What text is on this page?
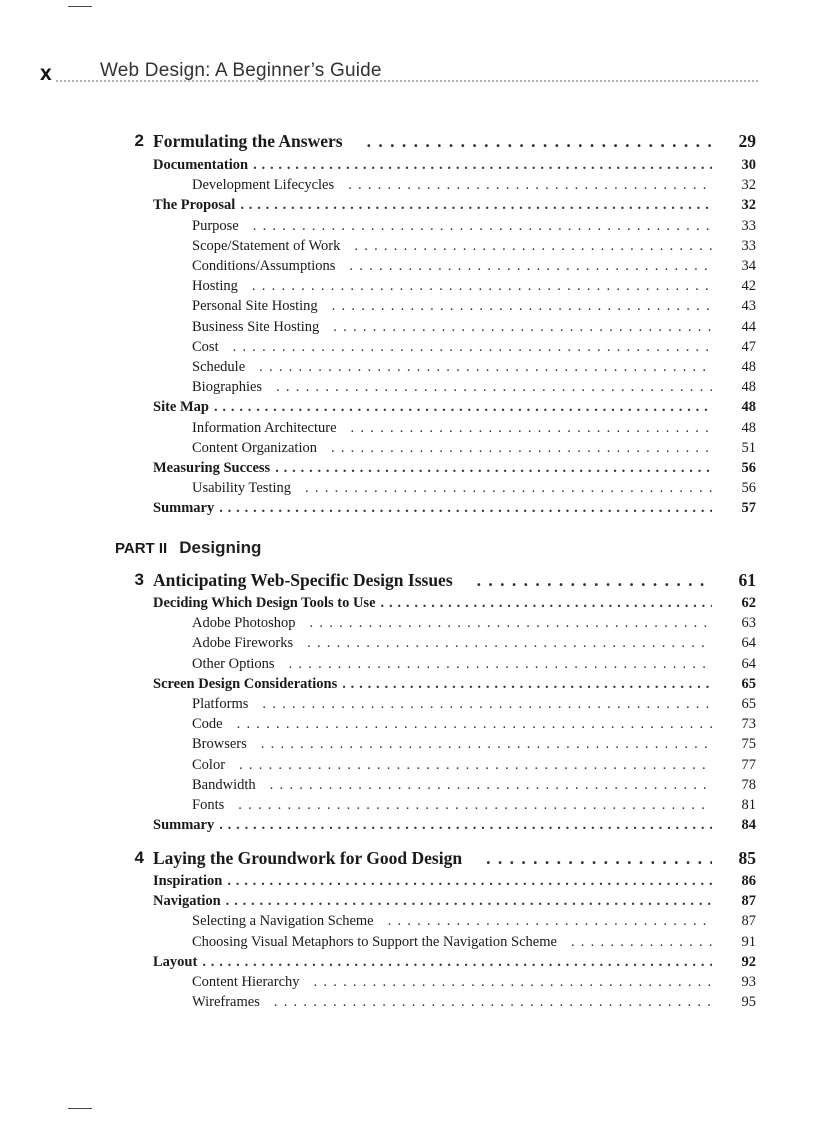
x	Web Design: A Beginner’s Guide
2 Formulating the Answers . . .	29
Documentation . . .	30
Development Lifecycles . . .	32
The Proposal . . .	32
Purpose . . .	33
Scope/Statement of Work . . .	33
Conditions/Assumptions . . .	34
Hosting . . .	42
Personal Site Hosting . . .	43
Business Site Hosting . . .	44
Cost . . .	47
Schedule . . .	48
Biographies . . .	48
Site Map . . .	48
Information Architecture . . .	48
Content Organization . . .	51
Measuring Success . . .	56
Usability Testing . . .	56
Summary . . .	57
PART II Designing
3 Anticipating Web-Specific Design Issues . . .	61
Deciding Which Design Tools to Use . . .	62
Adobe Photoshop . . .	63
Adobe Fireworks . . .	64
Other Options . . .	64
Screen Design Considerations . . .	65
Platforms . . .	65
Code . . .	73
Browsers . . .	75
Color . . .	77
Bandwidth . . .	78
Fonts . . .	81
Summary . . .	84
4 Laying the Groundwork for Good Design . . .	85
Inspiration . . .	86
Navigation . . .	87
Selecting a Navigation Scheme . . .	87
Choosing Visual Metaphors to Support the Navigation Scheme . . .	91
Layout . . .	92
Content Hierarchy . . .	93
Wireframes . . .	95
